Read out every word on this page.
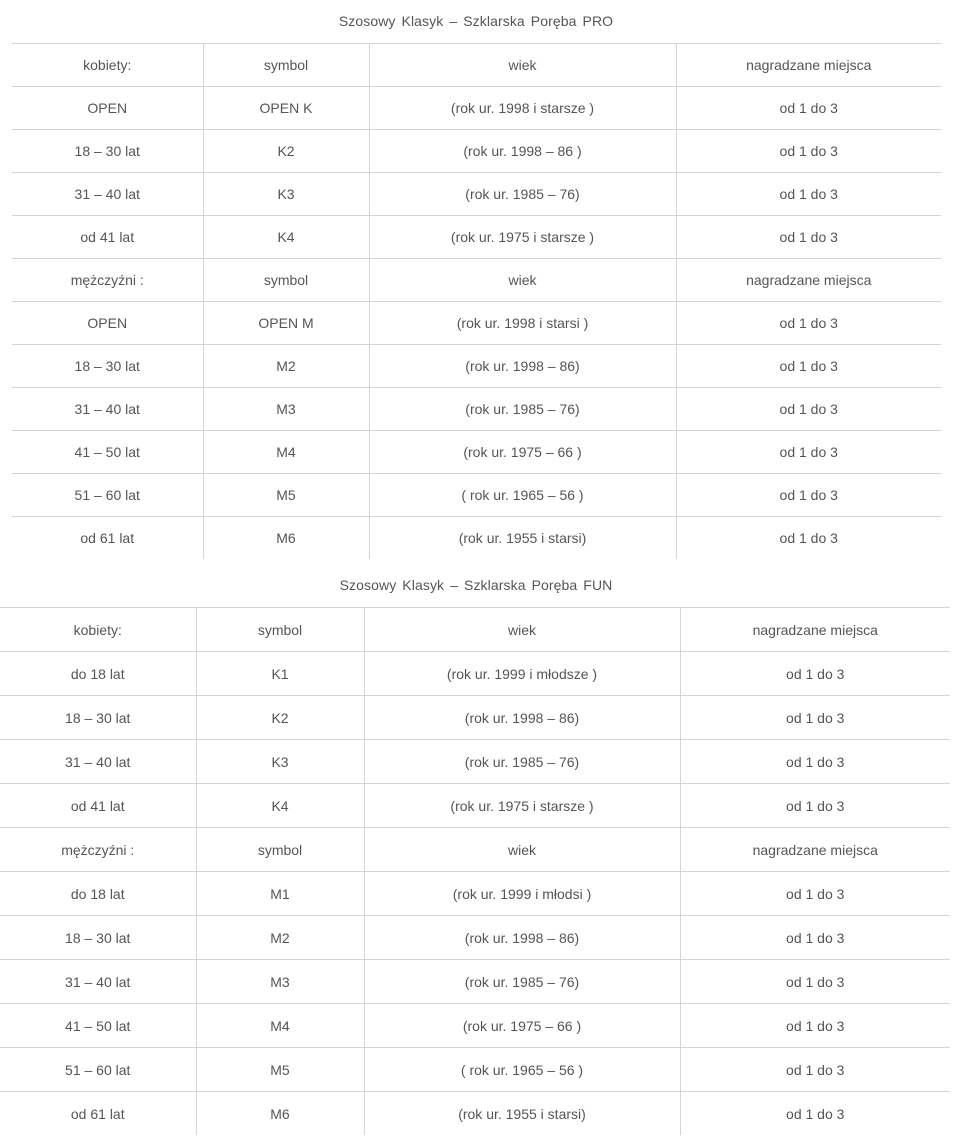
Szosowy Klasyk – Szklarska Poręba PRO
kobiety:	symbol	wiek	nagradzane miejsca
OPEN	OPEN K	(rok ur. 1998 i starsze )	od 1 do 3
18 – 30 lat	K2	(rok ur. 1998 – 86 )	od 1 do 3
31 – 40 lat	K3	(rok ur. 1985 – 76)	od 1 do 3
od 41 lat	K4	(rok ur. 1975 i starsze )	od 1 do 3
mężczyźni :	symbol	wiek	nagradzane miejsca
OPEN	OPEN M	(rok ur. 1998 i starsi )	od 1 do 3
18 – 30 lat	M2	(rok ur. 1998 – 86)	od 1 do 3
31 – 40 lat	M3	(rok ur. 1985 – 76)	od 1 do 3
41 – 50 lat	M4	(rok ur. 1975 – 66 )	od 1 do 3
51 – 60 lat	M5	( rok ur. 1965 – 56 )	od 1 do 3
od 61 lat	M6	(rok ur. 1955 i starsi)	od 1 do 3
Szosowy Klasyk – Szklarska Poręba FUN
kobiety:	symbol	wiek	nagradzane miejsca
do 18 lat	K1	(rok ur. 1999 i młodsze )	od 1 do 3
18 – 30 lat	K2	(rok ur. 1998 – 86)	od 1 do 3
31 – 40 lat	K3	(rok ur. 1985 – 76)	od 1 do 3
od 41 lat	K4	(rok ur. 1975 i starsze )	od 1 do 3
mężczyźni :	symbol	wiek	nagradzane miejsca
do 18 lat	M1	(rok ur. 1999 i młodsi )	od 1 do 3
18 – 30 lat	M2	(rok ur. 1998 – 86)	od 1 do 3
31 – 40 lat	M3	(rok ur. 1985 – 76)	od 1 do 3
41 – 50 lat	M4	(rok ur. 1975 – 66 )	od 1 do 3
51 – 60 lat	M5	( rok ur. 1965 – 56 )	od 1 do 3
od 61 lat	M6	(rok ur. 1955 i starsi)	od 1 do 3
